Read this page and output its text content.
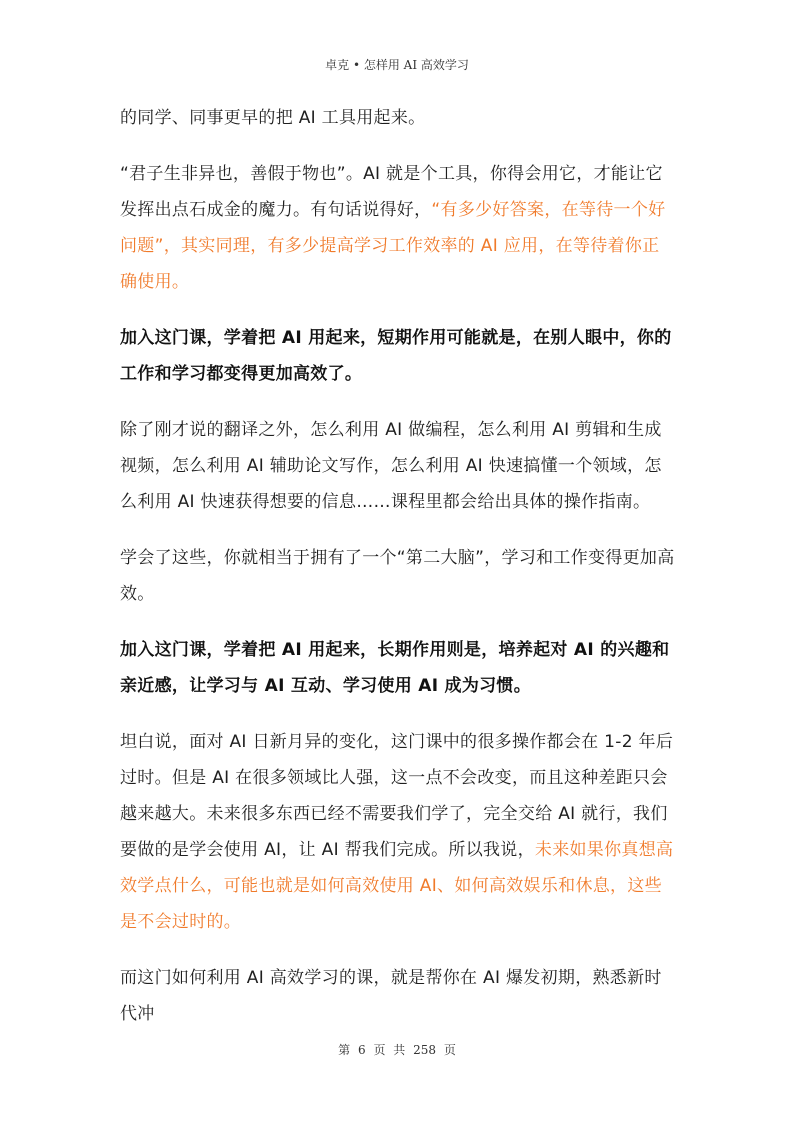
卓克 • 怎样用 AI 高效学习

的同学、同事更早的把 AI 工具用起来。

“君子生非异也，善假于物也”。AI 就是个工具，你得会用它，才能让它发挥出点石成金的魔力。有句话说得好，“有多少好答案，在等待一个好问题”，其实同理，有多少提高学习工作效率的 AI 应用，在等待着你正确使用。

加入这门课，学着把 AI 用起来，短期作用可能就是，在别人眼中，你的工作和学习都变得更加高效了。

除了刚才说的翻译之外，怎么利用 AI 做编程，怎么利用 AI 剪辑和生成视频，怎么利用 AI 辅助论文写作，怎么利用 AI 快速搞懂一个领域，怎么利用 AI 快速获得想要的信息……课程里都会给出具体的操作指南。

学会了这些，你就相当于拥有了一个“第二大脑”，学习和工作变得更加高效。

加入这门课，学着把 AI 用起来，长期作用则是，培养起对 AI 的兴趣和亲近感，让学习与 AI 互动、学习使用 AI 成为习惯。

坦白说，面对 AI 日新月异的变化，这门课中的很多操作都会在 1-2 年后过时。但是 AI 在很多领域比人强，这一点不会改变，而且这种差距只会越来越大。未来很多东西已经不需要我们学了，完全交给 AI 就行，我们要做的是学会使用 AI，让 AI 帮我们完成。所以我说，未来如果你真想高效学点什么，可能也就是如何高效使用 AI、如何高效娱乐和休息，这些是不会过时的。

而这门如何利用 AI 高效学习的课，就是帮你在 AI 爆发初期，熟悉新时代冲

第 6 页 共 258 页
